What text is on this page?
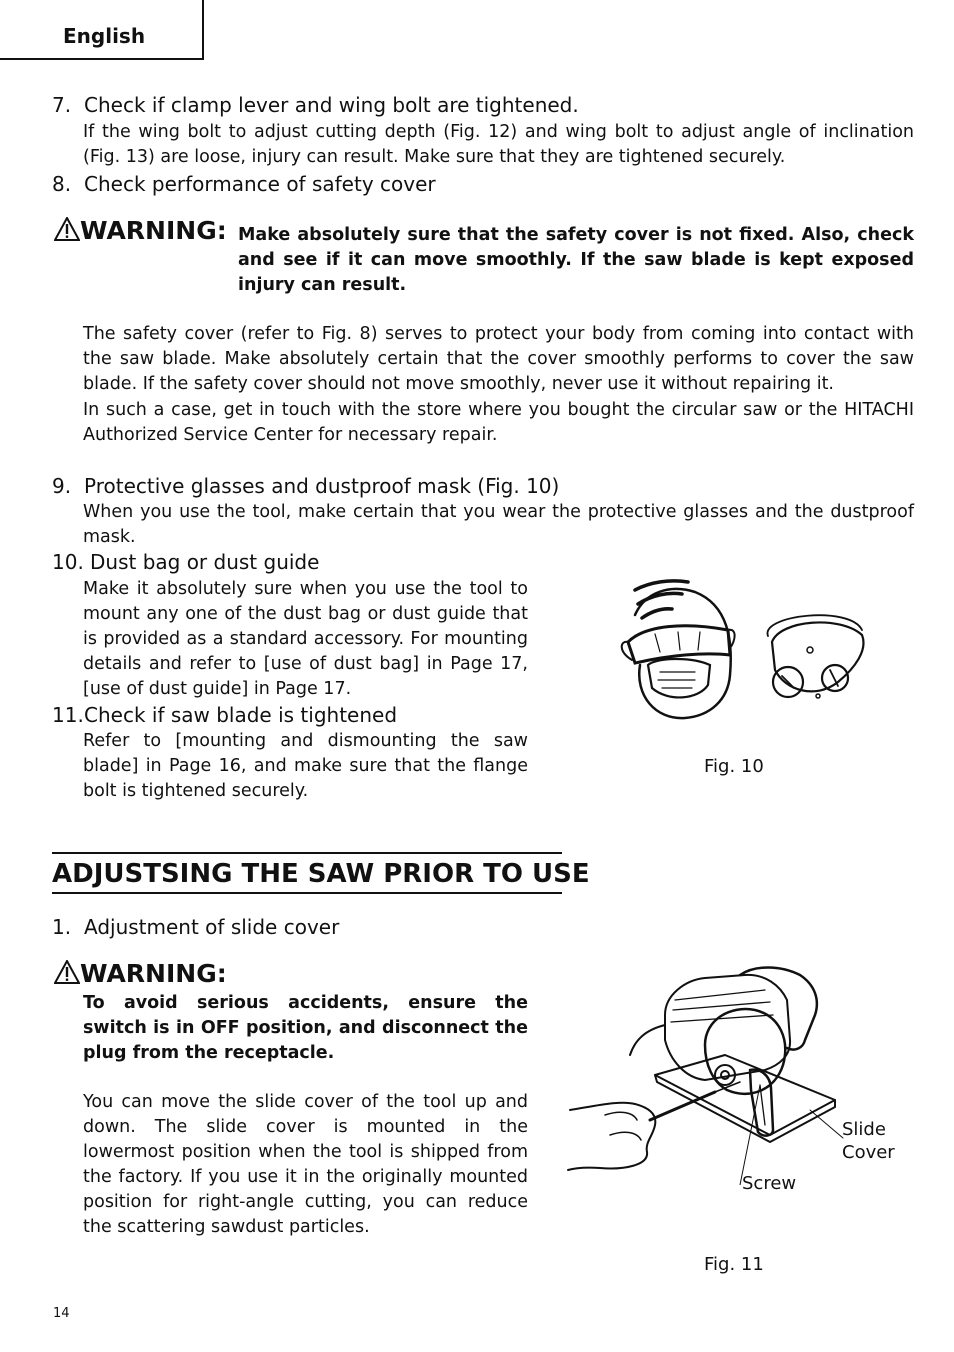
English
7. Check if clamp lever and wing bolt are tightened.
If the wing bolt to adjust cutting depth (Fig. 12) and wing bolt to adjust angle of inclination (Fig. 13) are loose, injury can result. Make sure that they are tightened securely.
8. Check performance of safety cover
WARNING: Make absolutely sure that the safety cover is not fixed. Also, check and see if it can move smoothly. If the saw blade is kept exposed injury can result.
The safety cover (refer to Fig. 8) serves to protect your body from coming into contact with the saw blade. Make absolutely certain that the cover smoothly performs to cover the saw blade. If the safety cover should not move smoothly, never use it without repairing it.
In such a case, get in touch with the store where you bought the circular saw or the HITACHI Authorized Service Center for necessary repair.
9. Protective glasses and dustproof mask (Fig. 10)
When you use the tool, make certain that you wear the protective glasses and the dustproof mask.
10. Dust bag or dust guide
Make it absolutely sure when you use the tool to mount any one of the dust bag or dust guide that is provided as a standard accessory. For mounting details and refer to [use of dust bag] in Page 17, [use of dust guide] in Page 17.
11. Check if saw blade is tightened
Refer to [mounting and dismounting the saw blade] in Page 16, and make sure that the flange bolt is tightened securely.
Fig. 10
ADJUSTSING THE SAW PRIOR TO USE
1. Adjustment of slide cover
WARNING:
To avoid serious accidents, ensure the switch is in OFF position, and disconnect the plug from the receptacle.
You can move the slide cover of the tool up and down. The slide cover is mounted in the lowermost position when the tool is shipped from the factory. If you use it in the originally mounted position for right-angle cutting, you can reduce the scattering sawdust particles.
Slide
Cover
Screw
Fig. 11
14
